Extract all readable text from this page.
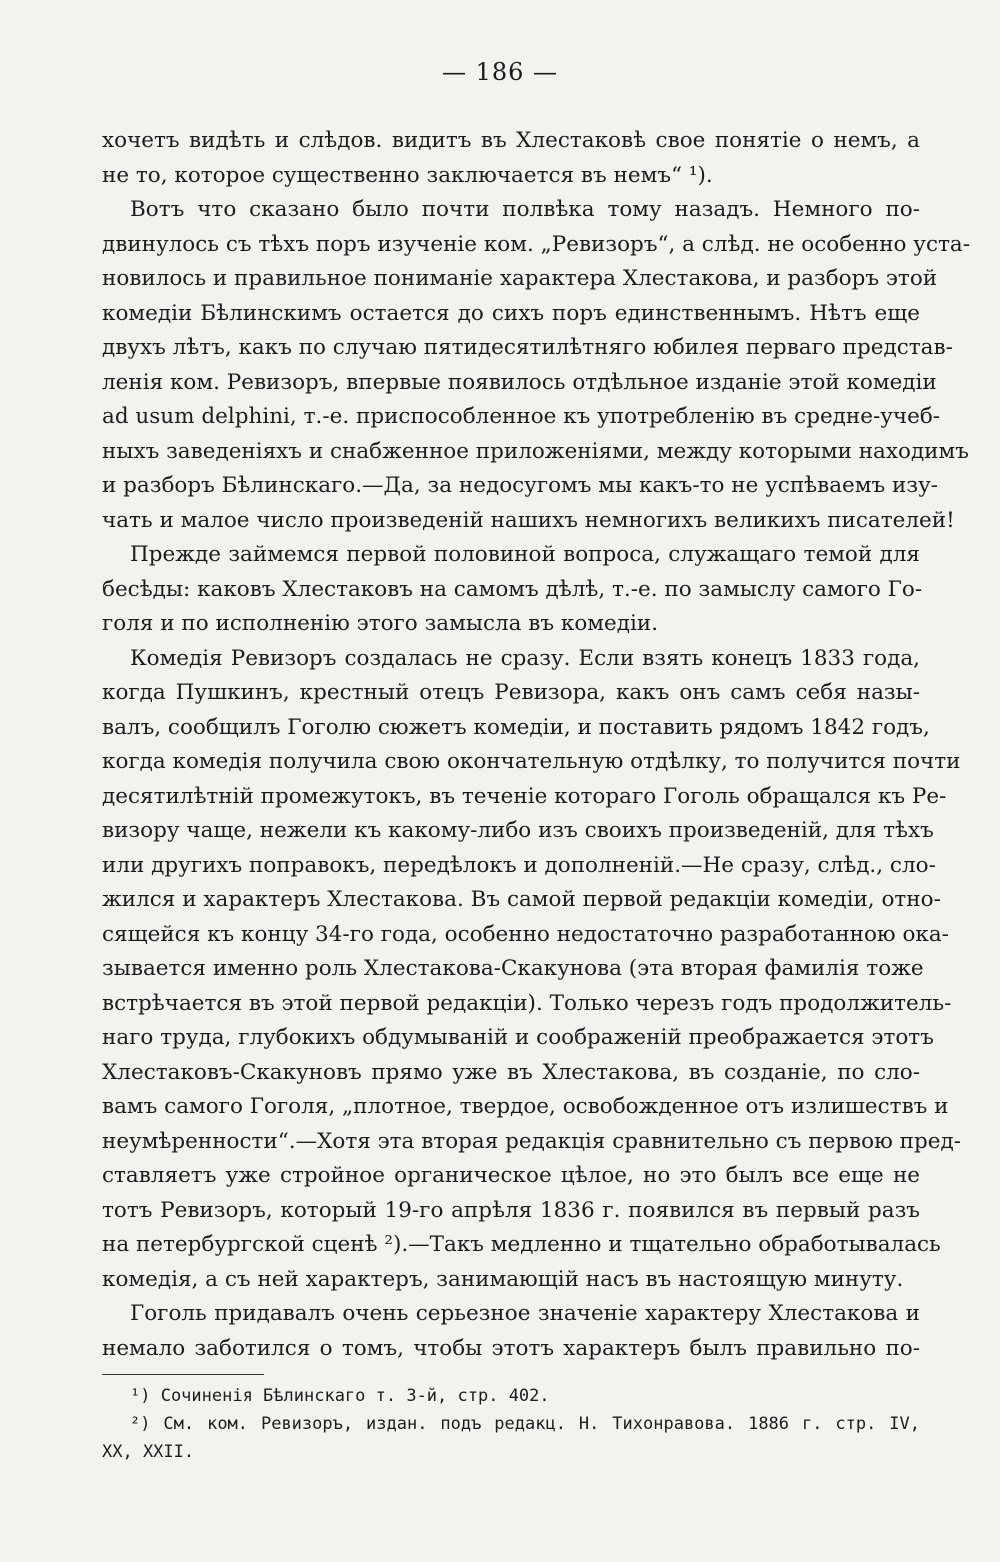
— 186 —
хочетъ видѣть и слѣдов. видитъ въ Хлестаковѣ свое понятіе о немъ, а
не то, которое существенно заключается въ немъ“ ¹).
Вотъ что сказано было почти полвѣка тому назадъ. Немного по-
двинулось съ тѣхъ поръ изученіе ком. „Ревизоръ“, а слѣд. не особенно уста-
новилось и правильное пониманіе характера Хлестакова, и разборъ этой
комедіи Бѣлинскимъ остается до сихъ поръ единственнымъ. Нѣтъ еще
двухъ лѣтъ, какъ по случаю пятидесятилѣтняго юбилея перваго представ-
ленія ком. Ревизоръ, впервые появилось отдѣльное изданіе этой комедіи
ad usum delphini, т.-е. приспособленное къ употребленію въ средне-учеб-
ныхъ заведеніяхъ и снабженное приложеніями, между которыми находимъ
и разборъ Бѣлинскаго.—Да, за недосугомъ мы какъ-то не успѣваемъ изу-
чать и малое число произведеній нашихъ немногихъ великихъ писателей!
Прежде займемся первой половиной вопроса, служащаго темой для
бесѣды: каковъ Хлестаковъ на самомъ дѣлѣ, т.-е. по замыслу самого Го-
голя и по исполненію этого замысла въ комедіи.
Комедія Ревизоръ создалась не сразу. Если взять конецъ 1833 года,
когда Пушкинъ, крестный отецъ Ревизора, какъ онъ самъ себя назы-
валъ, сообщилъ Гоголю сюжетъ комедіи, и поставить рядомъ 1842 годъ,
когда комедія получила свою окончательную отдѣлку, то получится почти
десятилѣтній промежутокъ, въ теченіе котораго Гоголь обращался къ Ре-
визору чаще, нежели къ какому-либо изъ своихъ произведеній, для тѣхъ
или другихъ поправокъ, передѣлокъ и дополненій.—Не сразу, слѣд., сло-
жился и характеръ Хлестакова. Въ самой первой редакціи комедіи, отно-
сящейся къ концу 34-го года, особенно недостаточно разработанною ока-
зывается именно роль Хлестакова-Скакунова (эта вторая фамилія тоже
встрѣчается въ этой первой редакціи). Только черезъ годъ продолжитель-
наго труда, глубокихъ обдумываній и соображеній преображается этотъ
Хлестаковъ-Скакуновъ прямо уже въ Хлестакова, въ созданіе, по сло-
вамъ самого Гоголя, „плотное, твердое, освобожденное отъ излишествъ и
неумѣренности“.—Хотя эта вторая редакція сравнительно съ первою пред-
ставляетъ уже стройное органическое цѣлое, но это былъ все еще не
тотъ Ревизоръ, который 19-го апрѣля 1836 г. появился въ первый разъ
на петербургской сценѣ ²).—Такъ медленно и тщательно обработывалась
комедія, а съ ней характеръ, занимающій насъ въ настоящую минуту.
Гоголь придавалъ очень серьезное значеніе характеру Хлестакова и
немало заботился о томъ, чтобы этотъ характеръ былъ правильно по-
¹) Сочиненія Бѣлинскаго т. 3-й, стр. 402.
²) См. ком. Ревизоръ, издан. подъ редакц. Н. Тихонравова. 1886 г. стр. IV,
XX, XXII.
